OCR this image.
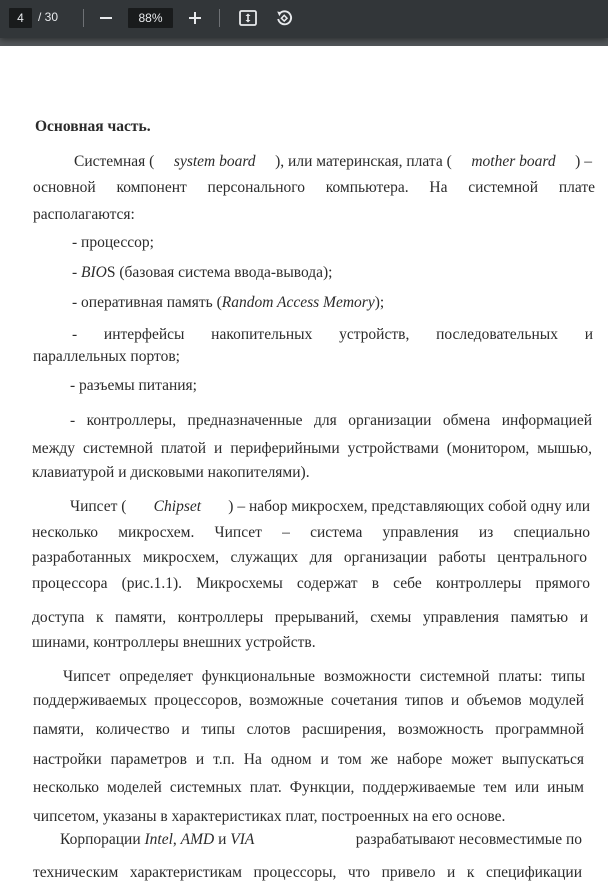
4
/ 30
88%
Основная часть.
Системная ( system board ), или материнская, плата ( mother board ) –
основной компонент персонального компьютера. На системной плате
располагаются:
- процессор;
- BIOS (базовая система ввода-вывода);
- оперативная память (Random Access Memory);
- интерфейсы накопительных устройств, последовательных и
параллельных портов;
- разъемы питания;
- контроллеры, предназначенные для организации обмена информацией
между системной платой и периферийными устройствами (монитором, мышью,
клавиатурой и дисковыми накопителями).
Чипсет ( Chipset ) – набор микросхем, представляющих собой одну или
несколько микросхем. Чипсет – система управления из специально
разработанных микросхем, служащих для организации работы центрального
процессора (рис.1.1). Микросхемы содержат в себе контроллеры прямого
доступа к памяти, контроллеры прерываний, схемы управления памятью и
шинами, контроллеры внешних устройств.
Чипсет определяет функциональные возможности системной платы: типы
поддерживаемых процессоров, возможные сочетания типов и объемов модулей
памяти, количество и типы слотов расширения, возможность программной
настройки параметров и т.п. На одном и том же наборе может выпускаться
несколько моделей системных плат. Функции, поддерживаемые тем или иным
чипсетом, указаны в характеристиках плат, построенных на его основе.
Корпорации Intel, AMD и VIA	разрабатывают несовместимые по
техническим характеристикам процессоры, что привело и к спецификации
